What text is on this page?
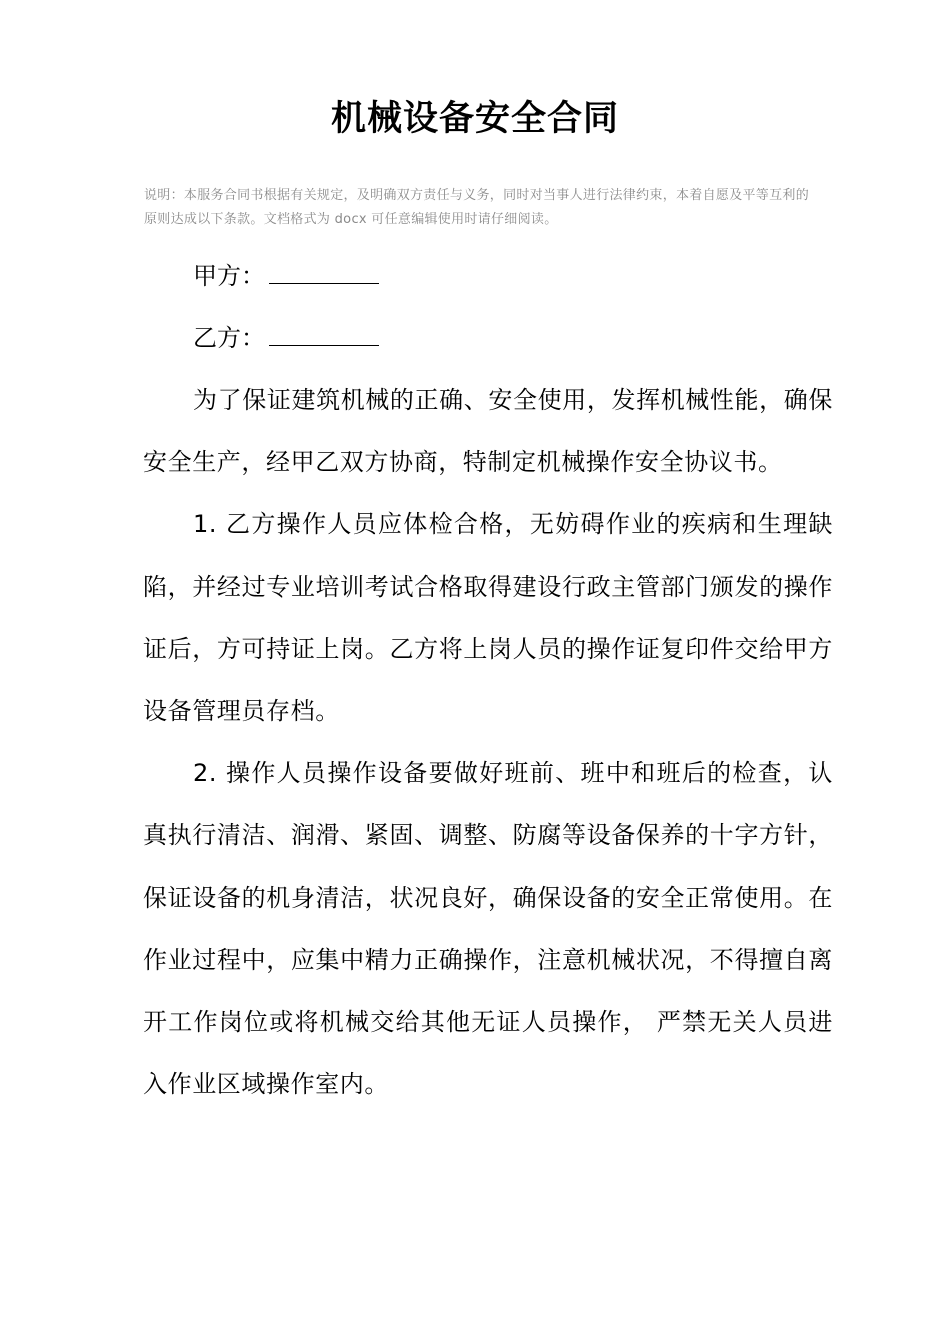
机械设备安全合同
说明：本服务合同书根据有关规定，及明确双方责任与义务，同时对当事人进行法律约束，本着自愿及平等互利的原则达成以下条款。文档格式为 docx 可任意编辑使用时请仔细阅读。
甲方：
乙方：

为了保证建筑机械的正确、安全使用，发挥机械性能，确保安全生产，经甲乙双方协商，特制定机械操作安全协议书。

1. 乙方操作人员应体检合格，无妨碍作业的疾病和生理缺陷，并经过专业培训考试合格取得建设行政主管部门颁发的操作证后，方可持证上岗。乙方将上岗人员的操作证复印件交给甲方设备管理员存档。

2. 操作人员操作设备要做好班前、班中和班后的检查，认真执行清洁、润滑、紧固、调整、防腐等设备保养的十字方针，保证设备的机身清洁，状况良好，确保设备的安全正常使用。在作业过程中，应集中精力正确操作，注意机械状况，不得擅自离开工作岗位或将机械交给其他无证人员操作， 严禁无关人员进入作业区域操作室内。
